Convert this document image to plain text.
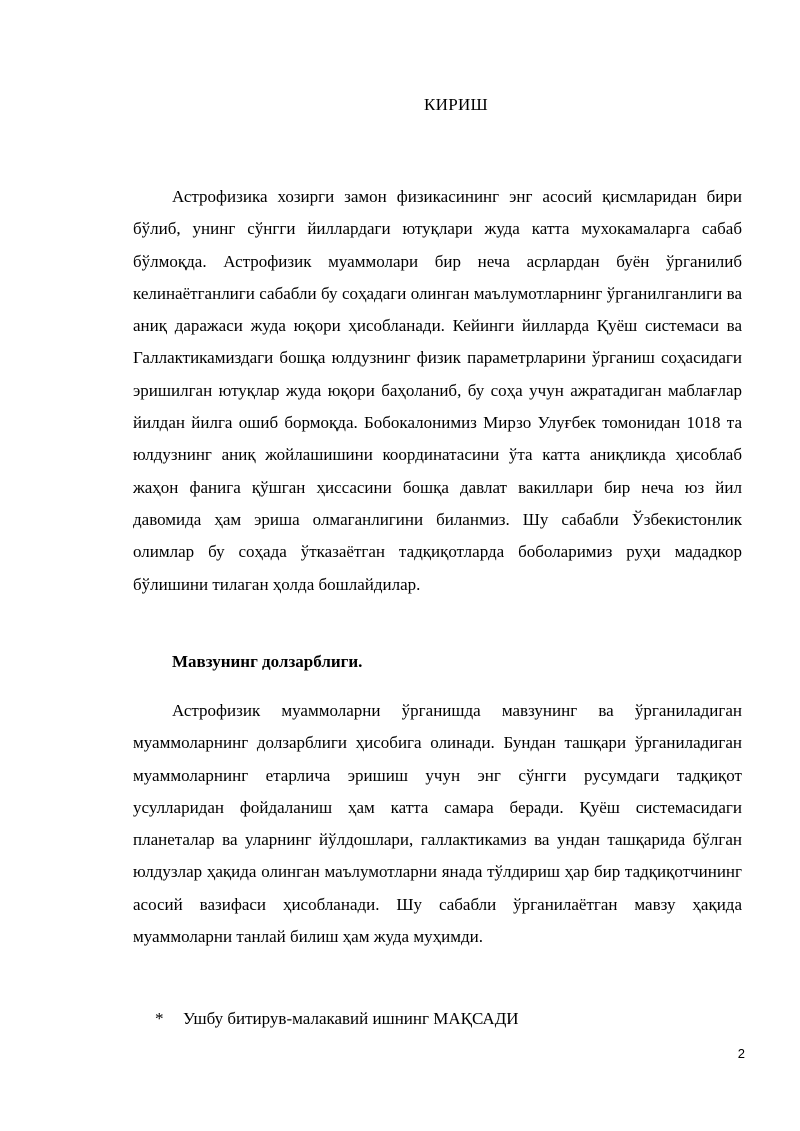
КИРИШ

Астрофизика хозирги замон физикасининг энг асосий қисмларидан бири бўлиб, унинг сўнгги йиллардаги ютуқлари жуда катта мухокамаларга сабаб бўлмоқда. Астрофизик муаммолари бир неча асрлардан буён ўрганилиб келинаётганлиги сабабли бу соҳадаги олинган маълумотларнинг ўрганилганлиги ва аниқ даражаси жуда юқори ҳисобланади. Кейинги йилларда Қуёш системаси ва Галлактикамиздаги бошқа юлдузнинг физик параметрларини ўрганиш соҳасидаги эришилган ютуқлар жуда юқори баҳоланиб, бу соҳа учун ажратадиган маблағлар йилдан йилга ошиб бормоқда. Бобокалонимиз Мирзо Улуғбек томонидан 1018 та юлдузнинг аниқ жойлашишини координатасини ўта катта аниқликда ҳисоблаб жаҳон фанига қўшган ҳиссасини бошқа давлат вакиллари бир неча юз йил давомида ҳам эриша олмаганлигини биланмиз. Шу сабабли Ўзбекистонлик олимлар бу соҳада ўтказаётган тадқиқотларда боболаримиз руҳи мададкор бўлишини тилаган ҳолда бошлайдилар.

Мавзунинг долзарблиги.

Астрофизик муаммоларни ўрганишда мавзунинг ва ўрганиладиган муаммоларнинг долзарблиги ҳисобига олинади. Бундан ташқари ўрганиладиган муаммоларнинг етарлича эришиш учун энг сўнгги русумдаги тадқиқот усулларидан фойдаланиш ҳам катта самара беради. Қуёш системасидаги планеталар ва уларнинг йўлдошлари, галлактикамиз ва ундан ташқарида бўлган юлдузлар ҳақида олинган маълумотларни янада тўлдириш ҳар бир тадқиқотчининг асосий вазифаси ҳисобланади. Шу сабабли ўрганилаётган мавзу ҳақида муаммоларни танлай билиш ҳам жуда муҳимди.

* Ушбу битирув-малакавий ишнинг МАҚСАДИ
2
